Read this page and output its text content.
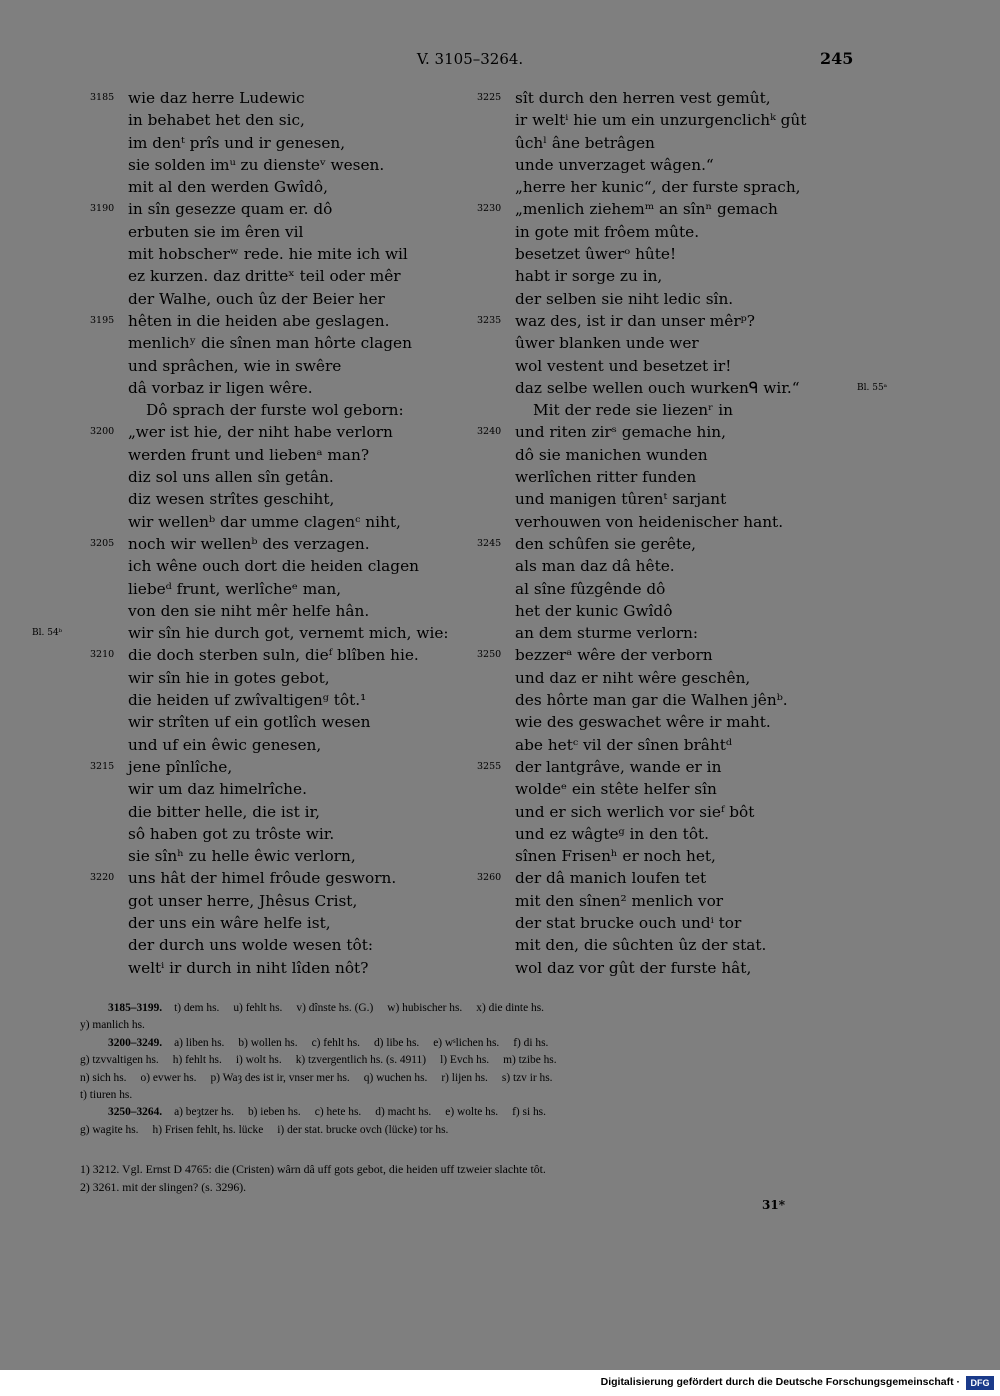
V. 3105–3264.	245
3185 wie daz herre Ludewic
in behabet het den sic,
im denᵗ prîs und ir genesen,
sie solden imᵘ zu diensteᵛ wesen.
mit al den werden Gwîdô,
3190 in sîn gesezze quam er. dô
erbuten sie im êren vil
mit hobscherʷ rede. hie mite ich wil
ez kurzen. daz dritteˣ teil oder mêr
der Walhe, ouch ûz der Beier her
3195 hêten in die heiden abe geslagen.
menlichʸ die sînen man hôrte clagen
und sprâchen, wie in swêre
dâ vorbaz ir ligen wêre.
Dô sprach der furste wol geborn:
3200 „wer ist hie, der niht habe verlorn
werden frunt und liebenᵃ man?
diz sol uns allen sîn getân.
diz wesen strîtes geschiht,
wir wellenᵇ dar umme clagenᶜ niht,
3205 noch wir wellenᵇ des verzagen.
ich wêne ouch dort die heiden clagen
liebeᵈ frunt, werlîcheᵉ man,
von den sie niht mêr helfe hân.
wir sîn hie durch got, vernemt mich, wie:
Bl. 54ᵇ
3210 die doch sterben suln, dieᶠ blîben hie.
wir sîn hie in gotes gebot,
die heiden uf zwîvaltigenᵍ tôt.¹
wir strîten uf ein gotlîch wesen
und uf ein êwic genesen,
3215 jene pînlîche,
wir um daz himelrîche.
die bitter helle, die ist ir,
sô haben got zu trôste wir.
sie sînʰ zu helle êwic verlorn,
3220 uns hât der himel frôude gesworn.
got unser herre, Jhêsus Crist,
der uns ein wâre helfe ist,
der durch uns wolde wesen tôt:
weltⁱ ir durch in niht lîden nôt?
3225 sît durch den herren vest gemût,
ir weltⁱ hie um ein unzurgenclichᵏ gût
ûchˡ âne betrâgen
unde unverzaget wâgen.“
„herre her kunic“, der furste sprach,
3230 „menlich ziehemᵐ an sînⁿ gemach
in gote mit frôem mûte.
besetzet ûwerᵒ hûte!
habt ir sorge zu in,
der selben sie niht ledic sîn.
3235 waz des, ist ir dan unser mêrᵖ?
ûwer blanken unde wer
wol vestent und besetzet ir!
daz selbe wellen ouch wurkenᑫ wir.“	Bl. 55ᵃ
Mit der rede sie liezenʳ in
3240 und riten zirˢ gemache hin,
dô sie manichen wunden
werlîchen ritter funden
und manigen tûrenᵗ sarjant
verhouwen von heidenischer hant.
3245 den schûfen sie gerête,
als man daz dâ hête.
al sîne fûzgênde dô
het der kunic Gwîdô
an dem sturme verlorn:
3250 bezzerᵃ wêre der verborn
und daz er niht wêre geschên,
des hôrte man gar die Walhen jênᵇ.
wie des geswachet wêre ir maht.
abe hetᶜ vil der sînen brâhtᵈ
3255 der lantgrâve, wande er in
woldeᵉ ein stête helfer sîn
und er sich werlich vor sieᶠ bôt
und ez wâgteᵍ in den tôt.
sînen Frisenʰ er noch het,
3260 der dâ manich loufen tet
mit den sînen² menlich vor
der stat brucke ouch undⁱ tor
mit den, die sûchten ûz der stat.
wol daz vor gût der furste hât,
3185–3199. t) dem hs. u) fehlt hs. v) dînste hs. (G.) w) hubischer hs. x) die dinte hs.
y) manlich hs.
3200–3249. a) liben hs. b) wollen hs. c) fehlt hs. d) libe hs. e) wˢlichen hs. f) di hs.
g) tzvvaltigen hs. h) fehlt hs. i) wolt hs. k) tzvergentlich hs. (s. 4911) l) Evch hs. m) tzibe hs.
n) sich hs. o) evwer hs. p) Waȝ des ist ir, vnser mer hs. q) wuchen hs. r) lijen hs. s) tzv ir hs.
t) tiuren hs.
3250–3264. a) beȝtzer hs. b) ieben hs. c) hete hs. d) macht hs. e) wolte hs. f) si hs.
g) wagite hs. h) Frisen fehlt, hs. lücke i) der stat. brucke ovch (lücke) tor hs.
1) 3212. Vgl. Ernst D 4765: die (Cristen) wârn dâ uff gots gebot, die heiden uff tzweier slachte tôt.
2) 3261. mit der slingen? (s. 3296).
31*
Digitalisierung gefördert durch die Deutsche Forschungsgemeinschaft ·	DFG
